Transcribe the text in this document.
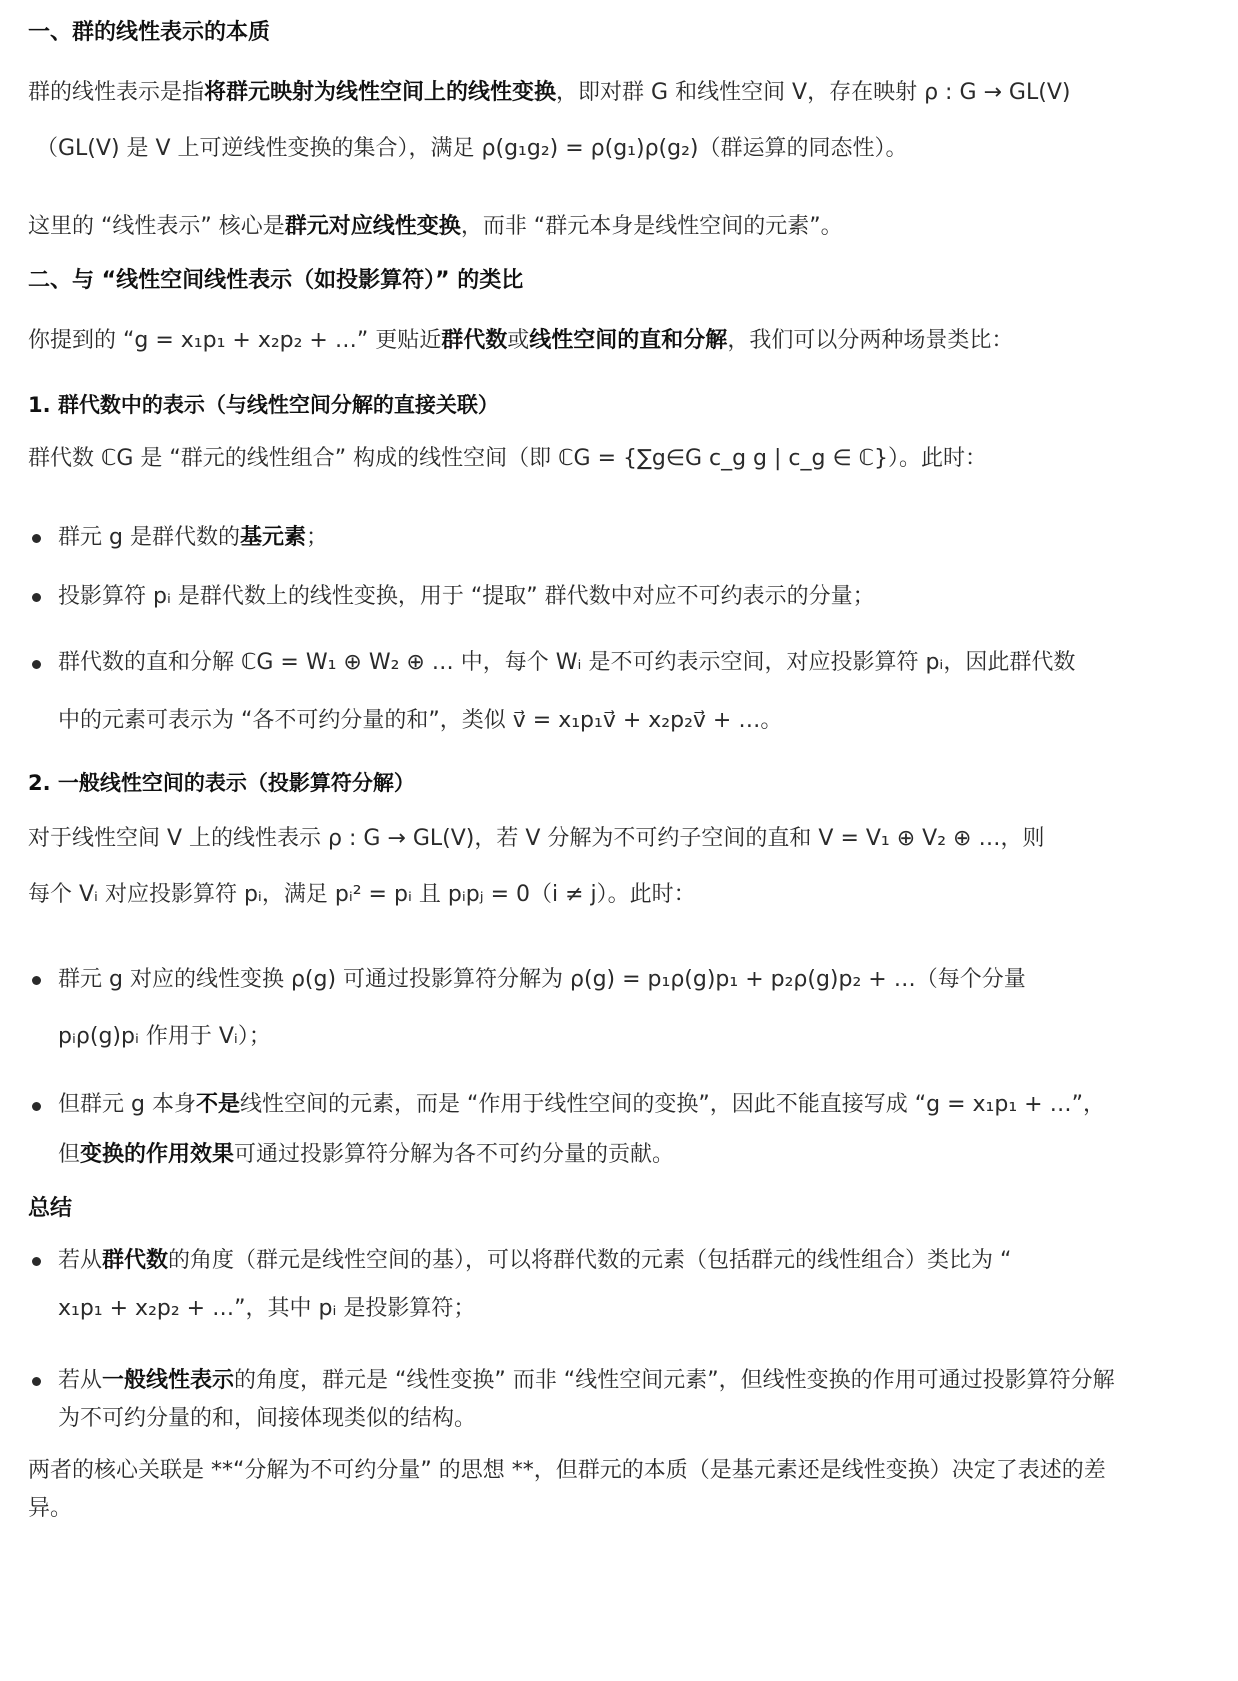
一、群的线性表示的本质
群的线性表示是指将群元映射为线性空间上的线性变换，即对群 G 和线性空间 V，存在映射 ρ : G → GL(V)
（GL(V) 是 V 上可逆线性变换的集合），满足 ρ(g₁g₂) = ρ(g₁)ρ(g₂)（群运算的同态性）。
这里的 “线性表示” 核心是群元对应线性变换，而非 “群元本身是线性空间的元素”。
二、与 “线性空间线性表示（如投影算符）” 的类比
你提到的 “g = x₁p₁ + x₂p₂ + …” 更贴近群代数或线性空间的直和分解，我们可以分两种场景类比：
1. 群代数中的表示（与线性空间分解的直接关联）
群代数 ℂG 是 “群元的线性组合” 构成的线性空间（即 ℂG = {∑g∈G c_g g | c_g ∈ ℂ}）。此时：
群元 g 是群代数的基元素；
投影算符 pᵢ 是群代数上的线性变换，用于 “提取” 群代数中对应不可约表示的分量；
群代数的直和分解 ℂG = W₁ ⊕ W₂ ⊕ … 中，每个 Wᵢ 是不可约表示空间，对应投影算符 pᵢ，因此群代数
中的元素可表示为 “各不可约分量的和”，类似 v⃗ = x₁p₁v⃗ + x₂p₂v⃗ + …。
2. 一般线性空间的表示（投影算符分解）
对于线性空间 V 上的线性表示 ρ : G → GL(V)，若 V 分解为不可约子空间的直和 V = V₁ ⊕ V₂ ⊕ …，则
每个 Vᵢ 对应投影算符 pᵢ，满足 pᵢ² = pᵢ 且 pᵢpⱼ = 0（i ≠ j）。此时：
群元 g 对应的线性变换 ρ(g) 可通过投影算符分解为 ρ(g) = p₁ρ(g)p₁ + p₂ρ(g)p₂ + …（每个分量
pᵢρ(g)pᵢ 作用于 Vᵢ）；
但群元 g 本身不是线性空间的元素，而是 “作用于线性空间的变换”，因此不能直接写成 “g = x₁p₁ + …”，
但变换的作用效果可通过投影算符分解为各不可约分量的贡献。
总结
若从群代数的角度（群元是线性空间的基），可以将群代数的元素（包括群元的线性组合）类比为 “
x₁p₁ + x₂p₂ + …”，其中 pᵢ 是投影算符；
若从一般线性表示的角度，群元是 “线性变换” 而非 “线性空间元素”，但线性变换的作用可通过投影算符分解
为不可约分量的和，间接体现类似的结构。
两者的核心关联是 **“分解为不可约分量” 的思想 **，但群元的本质（是基元素还是线性变换）决定了表述的差
异。
